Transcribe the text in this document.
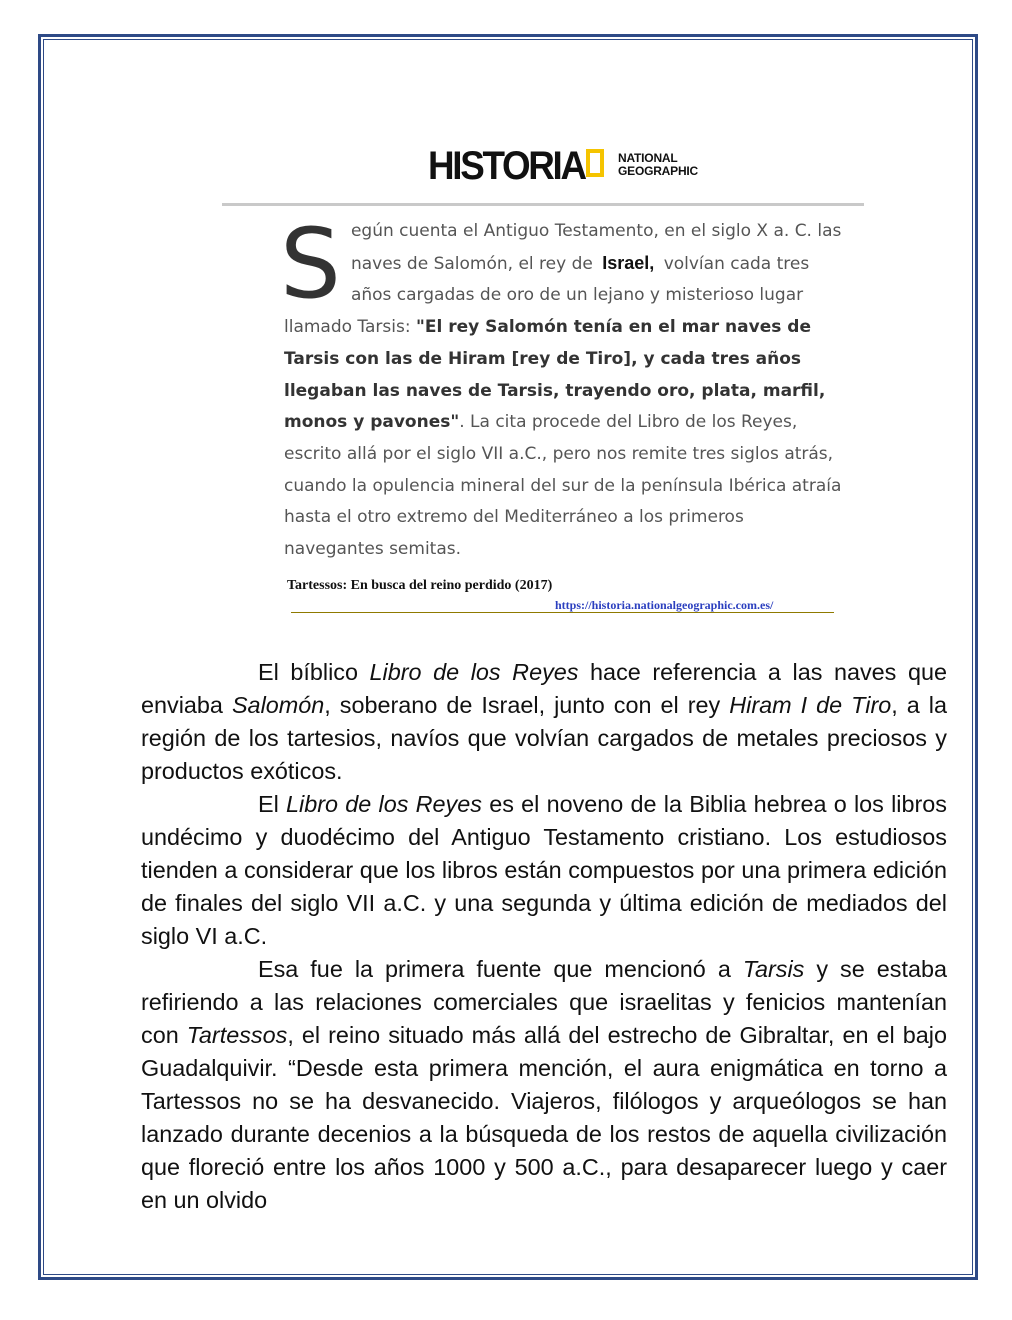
HISTORIA	NATIONAL
GEOGRAPHIC
Según cuenta el Antiguo Testamento, en el siglo X a. C. las naves de Salomón, el rey de Israel, volvían cada tres años cargadas de oro de un lejano y misterioso lugar llamado Tarsis: "El rey Salomón tenía en el mar naves de Tarsis con las de Hiram [rey de Tiro], y cada tres años llegaban las naves de Tarsis, trayendo oro, plata, marfil, monos y pavones". La cita procede del Libro de los Reyes, escrito allá por el siglo VII a.C., pero nos remite tres siglos atrás, cuando la opulencia mineral del sur de la península Ibérica atraía hasta el otro extremo del Mediterráneo a los primeros navegantes semitas.
Tartessos: En busca del reino perdido (2017)
https://historia.nationalgeographic.com.es/

El bíblico Libro de los Reyes hace referencia a las naves que enviaba Salomón, soberano de Israel, junto con el rey Hiram I de Tiro, a la región de los tartesios, navíos que volvían cargados de metales preciosos y productos exóticos.

El Libro de los Reyes es el noveno de la Biblia hebrea o los libros undécimo y duodécimo del Antiguo Testamento cristiano. Los estudiosos tienden a considerar que los libros están compuestos por una primera edición de finales del siglo VII a.C. y una segunda y última edición de mediados del siglo VI a.C.

Esa fue la primera fuente que mencionó a Tarsis y se estaba refiriendo a las relaciones comerciales que israelitas y fenicios mantenían con Tartessos, el reino situado más allá del estrecho de Gibraltar, en el bajo Guadalquivir. “Desde esta primera mención, el aura enigmática en torno a Tartessos no se ha desvanecido. Viajeros, filólogos y arqueólogos se han lanzado durante decenios a la búsqueda de los restos de aquella civilización que floreció entre los años 1000 y 500 a.C., para desaparecer luego y caer en un olvido
